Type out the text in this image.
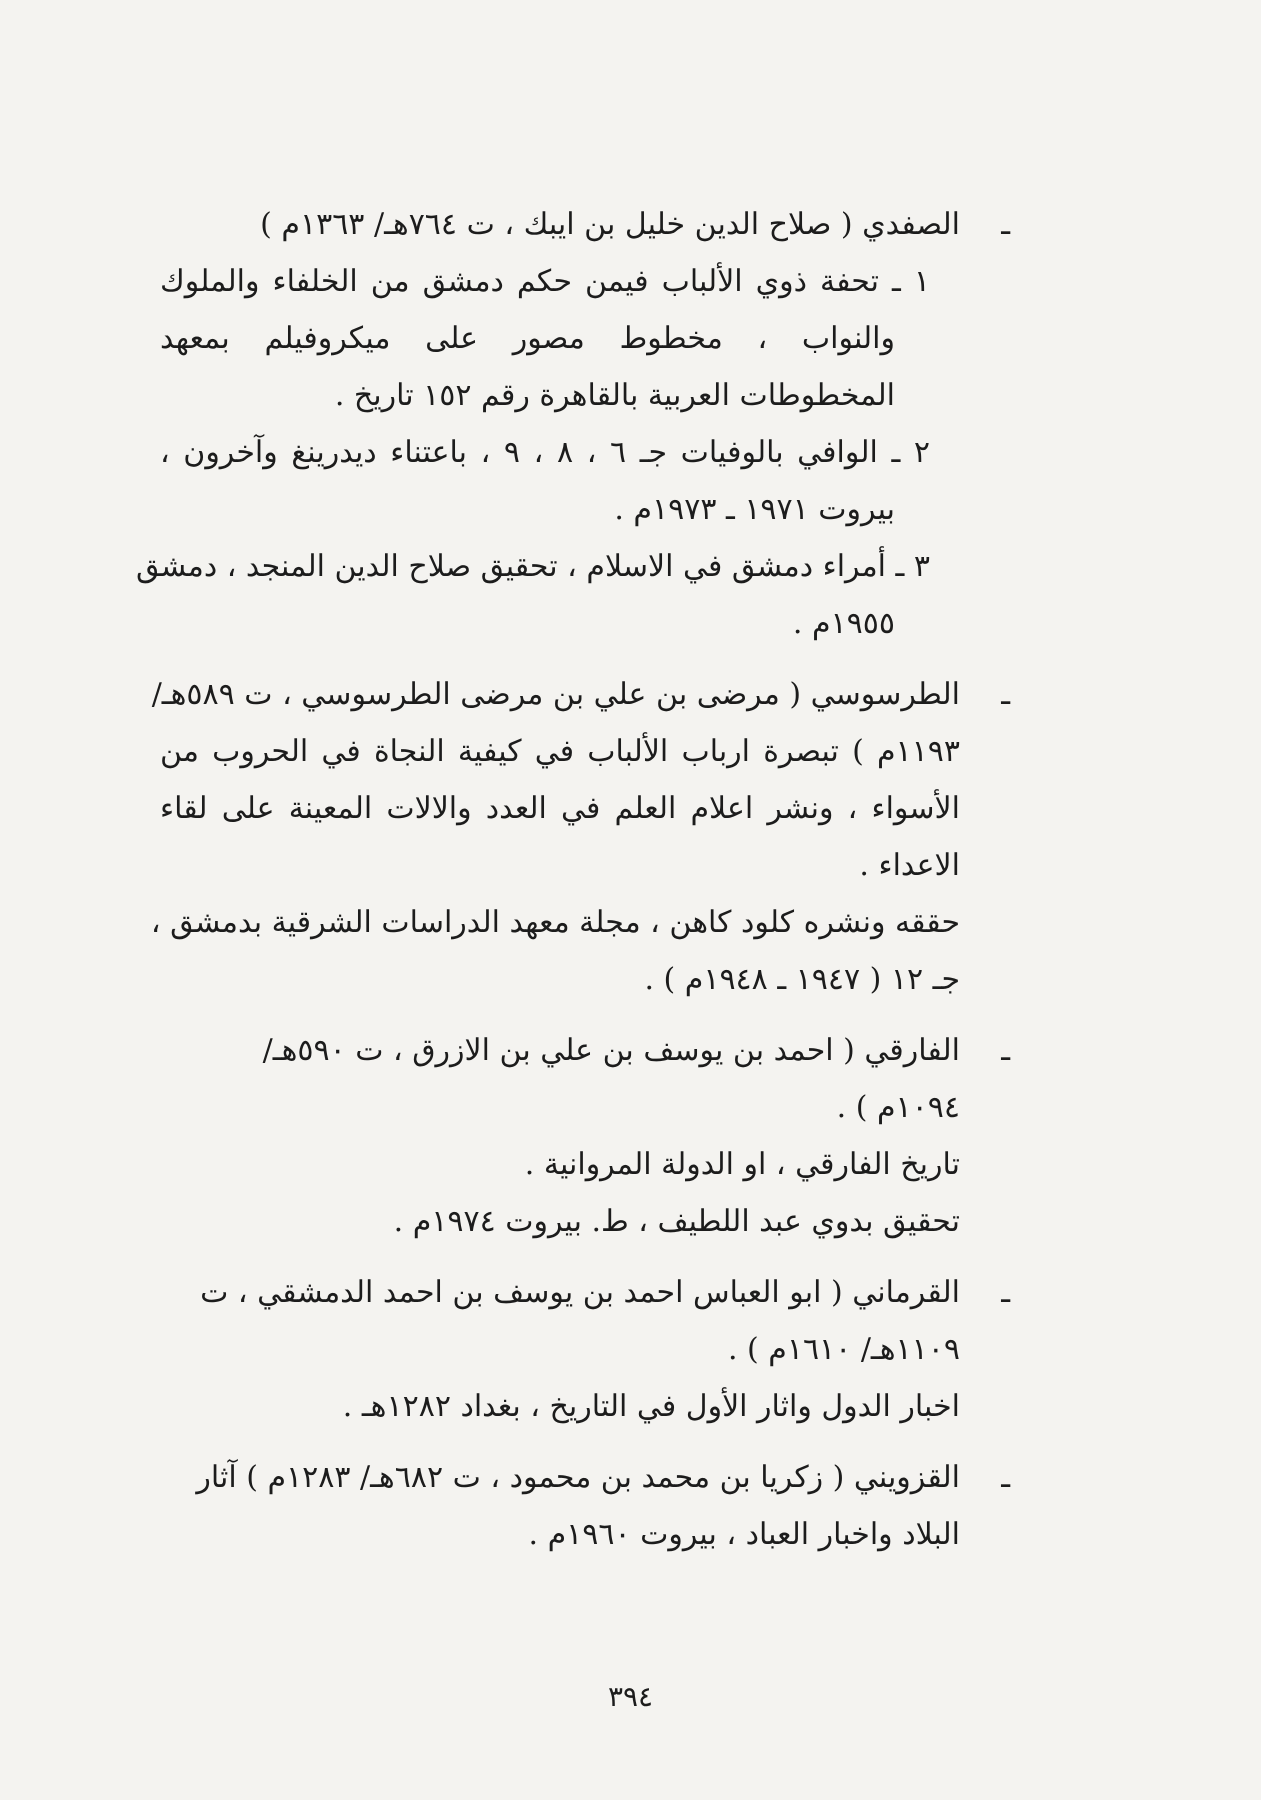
ـ
الصفدي ( صلاح الدين خليل بن ايبك ، ت ٧٦٤هـ/ ١٣٦٣م )
١ ـ تحفة ذوي الألباب فيمن حكم دمشق من الخلفاء والملوك
والنواب ، مخطوط مصور على ميكروفيلم بمعهد
المخطوطات العربية بالقاهرة رقم ١٥٢ تاريخ .
٢ ـ الوافي بالوفيات جـ ٦ ، ٨ ، ٩ ، باعتناء ديدرينغ وآخرون ،
بيروت ١٩٧١ ـ ١٩٧٣م .
٣ ـ أمراء دمشق في الاسلام ، تحقيق صلاح الدين المنجد ، دمشق
١٩٥٥م .
ـ
الطرسوسي ( مرضى بن علي بن مرضى الطرسوسي ، ت ٥٨٩هـ/
١١٩٣م ) تبصرة ارباب الألباب في كيفية النجاة في الحروب من
الأسواء ، ونشر اعلام العلم في العدد والالات المعينة على لقاء
الاعداء .
حققه ونشره كلود كاهن ، مجلة معهد الدراسات الشرقية بدمشق ،
جـ ١٢ ( ١٩٤٧ ـ ١٩٤٨م ) .
ـ
الفارقي ( احمد بن يوسف بن علي بن الازرق ، ت ٥٩٠هـ/
١٠٩٤م ) .
تاريخ الفارقي ، او الدولة المروانية .
تحقيق بدوي عبد اللطيف ، ط. بيروت ١٩٧٤م .
ـ
القرماني ( ابو العباس احمد بن يوسف بن احمد الدمشقي ، ت
١١٠٩هـ/ ١٦١٠م ) .
اخبار الدول واثار الأول في التاريخ ، بغداد ١٢٨٢هـ .
ـ
القزويني ( زكريا بن محمد بن محمود ، ت ٦٨٢هـ/ ١٢٨٣م ) آثار
البلاد واخبار العباد ، بيروت ١٩٦٠م .
٣٩٤
